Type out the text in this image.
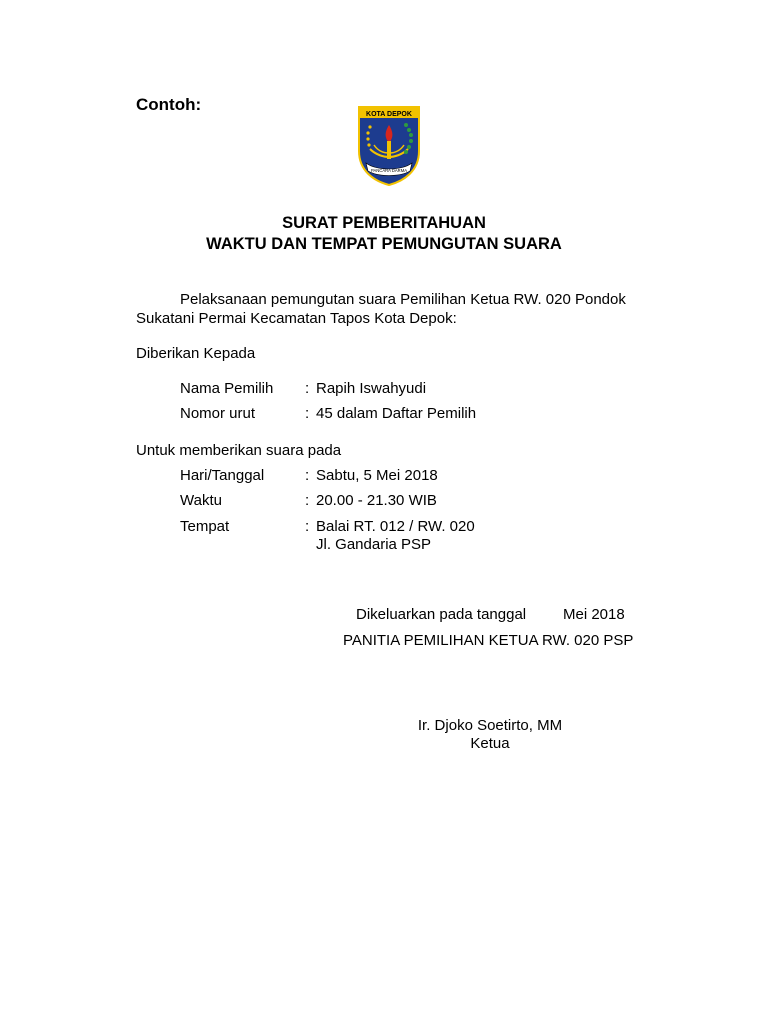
Contoh:
KOTA DEPOK
PANCARA DARMA
SURAT PEMBERITAHUAN
WAKTU DAN TEMPAT PEMUNGUTAN SUARA
Pelaksanaan pemungutan suara Pemilihan Ketua RW. 020 Pondok
Sukatani Permai Kecamatan Tapos Kota Depok:
Diberikan Kepada
Nama Pemilih : Rapih Iswahyudi
Nomor urut	: 45 dalam Daftar Pemilih
Untuk memberikan suara pada
Hari/Tanggal	: Sabtu, 5 Mei 2018
Waktu	: 20.00 - 21.30 WIB
Tempat	: Balai RT. 012 / RW. 020
Jl. Gandaria PSP
Dikeluarkan pada tanggal Mei 2018
PANITIA PEMILIHAN KETUA RW. 020 PSP
Ir. Djoko Soetirto, MM
Ketua
